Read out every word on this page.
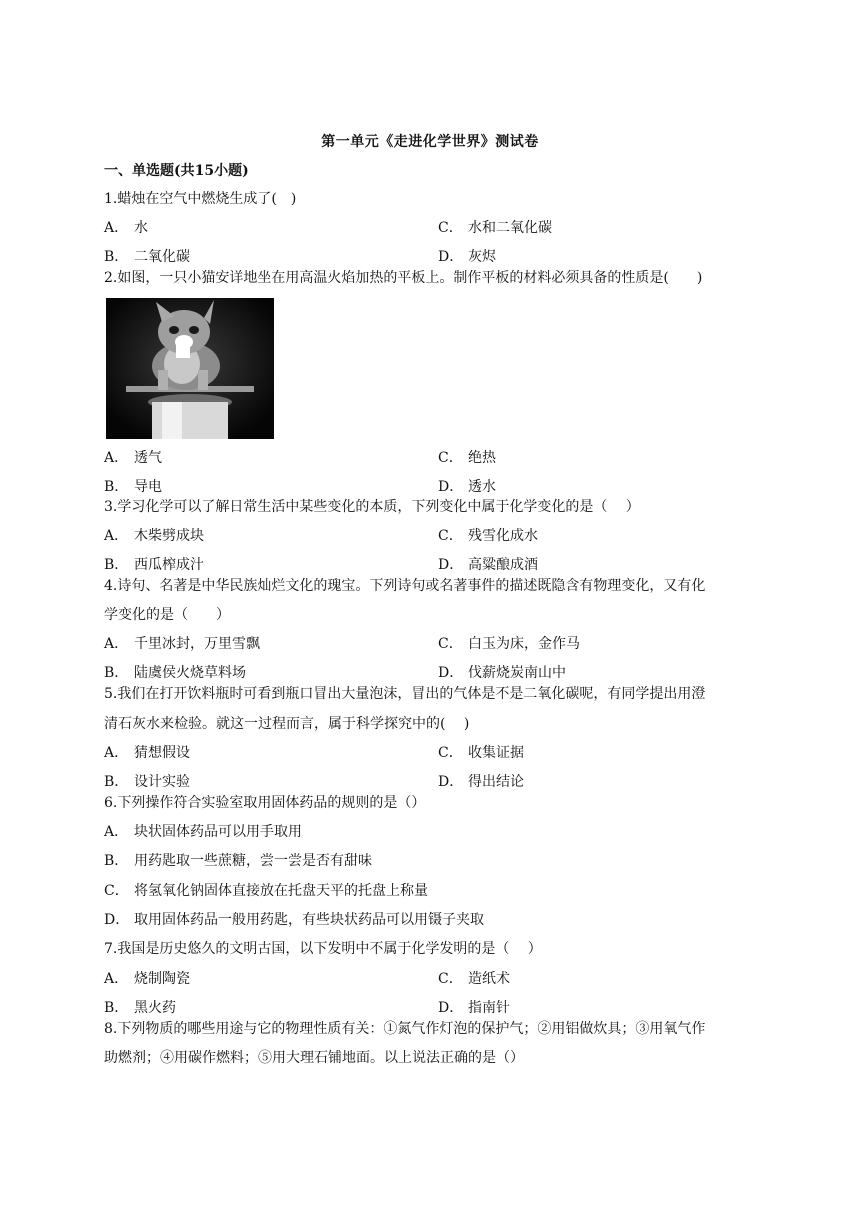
第一单元《走进化学世界》测试卷
一、单选题(共15小题)
1.蜡烛在空气中燃烧生成了(　)
A． 水	C． 水和二氧化碳
B． 二氧化碳	D． 灰烬
2.如图，一只小猫安详地坐在用高温火焰加热的平板上。制作平板的材料必须具备的性质是(　　)
A． 透气	C． 绝热
B． 导电	D． 透水
3.学习化学可以了解日常生活中某些变化的本质，下列变化中属于化学变化的是（　 ）
A． 木柴劈成块	C． 残雪化成水
B． 西瓜榨成汁	D． 高粱酿成酒
4.诗句、名著是中华民族灿烂文化的瑰宝。下列诗句或名著事件的描述既隐含有物理变化，又有化
学变化的是（　　）
A． 千里冰封，万里雪飘	C． 白玉为床，金作马
B． 陆虞侯火烧草料场	D． 伐薪烧炭南山中
5.我们在打开饮料瓶时可看到瓶口冒出大量泡沫，冒出的气体是不是二氧化碳呢，有同学提出用澄
清石灰水来检验。就这一过程而言，属于科学探究中的(　 )
A． 猜想假设	C． 收集证据
B． 设计实验	D． 得出结论
6.下列操作符合实验室取用固体药品的规则的是（）
A． 块状固体药品可以用手取用
B． 用药匙取一些蔗糖，尝一尝是否有甜味
C． 将氢氧化钠固体直接放在托盘天平的托盘上称量
D． 取用固体药品一般用药匙，有些块状药品可以用镊子夹取
7.我国是历史悠久的文明古国，以下发明中不属于化学发明的是（　 ）
A． 烧制陶瓷	C． 造纸术
B． 黑火药	D． 指南针
8.下列物质的哪些用途与它的物理性质有关：①氮气作灯泡的保护气；②用铝做炊具；③用氧气作
助燃剂；④用碳作燃料；⑤用大理石铺地面。以上说法正确的是（）
